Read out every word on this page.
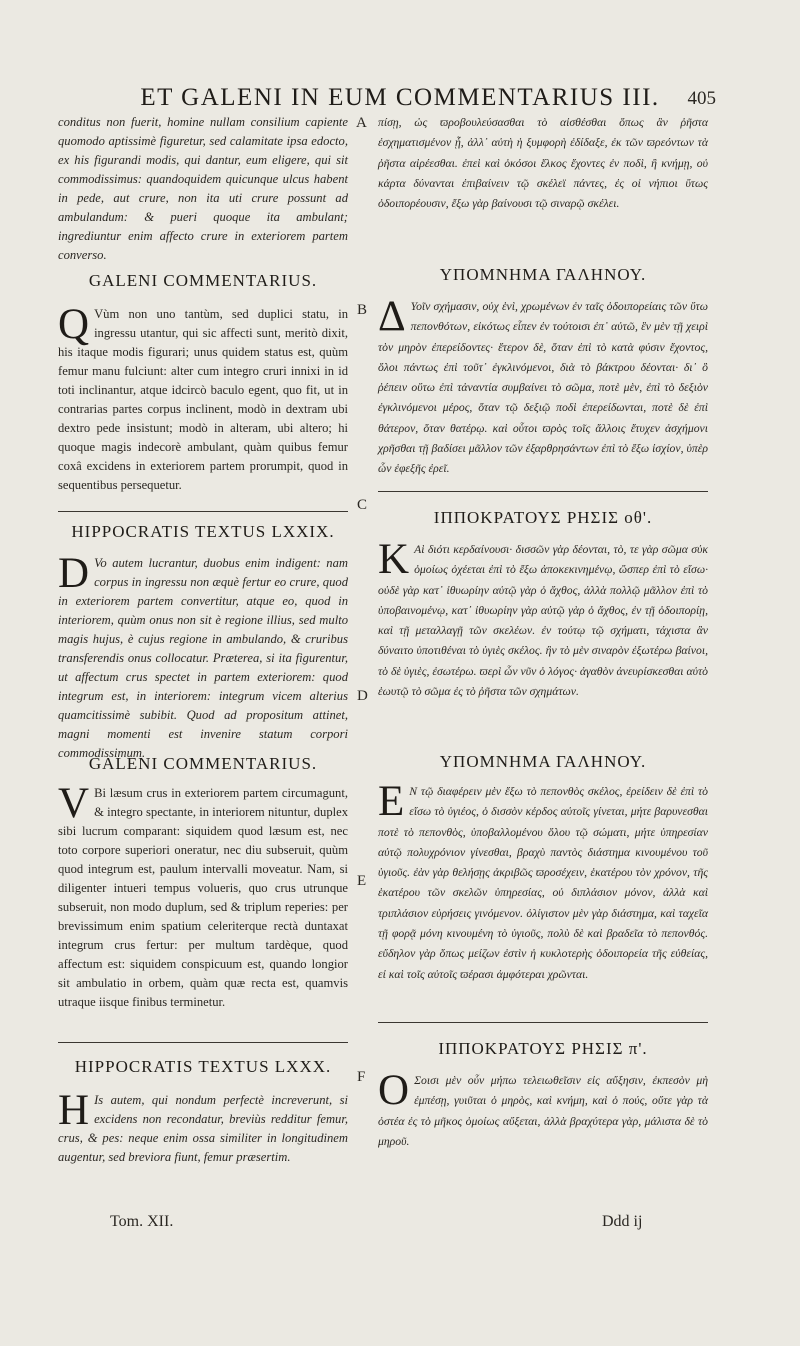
ET GALENI IN EUM COMMENTARIUS III.	405
A
B
C
D
E
F
conditus non fuerit, homine nullam consilium capiente quomodo aptissimè figuretur, sed calamitate ipsa edocto, ex his figurandi modis, qui dantur, eum eligere, qui sit commodissimus: quandoquidem quicunque ulcus habent in pede, aut crure, non ita uti crure possunt ad ambulandum: & pueri quoque ita ambulant; ingrediuntur enim affecto crure in exteriorem partem converso.
GALENI COMMENTARIUS.
Q Vùm non uno tantùm, sed duplici statu, in ingressu utantur, qui sic affecti sunt, meritò dixit, his itaque modis figurari; unus quidem status est, quùm femur manu fulciunt: alter cum integro cruri innixi in id toti inclinantur, atque idcircò baculo egent, quo fit, ut in contrarias partes corpus inclinent, modò in dextram ubi dextro pede insistunt; modò in alteram, ubi altero; hi quoque magis indecorè ambulant, quàm quibus femur coxâ excidens in exteriorem partem prorumpit, quod in sequentibus persequetur.
HIPPOCRATIS TEXTUS LXXIX.
D Vo autem lucrantur, duobus enim indigent: nam corpus in ingressu non æquè fertur eo crure, quod in exteriorem partem convertitur, atque eo, quod in interiorem, quùm onus non sit è regione illius, sed multo magis hujus, è cujus regione in ambulando, & cruribus transferendis onus collocatur. Præterea, si ita figurentur, ut affectum crus spectet in partem exteriorem: quod integrum est, in interiorem: integrum vicem alterius quamcitissimè subibit. Quod ad propositum attinet, magni momenti est invenire statum corpori commodissimum.
GALENI COMMENTARIUS.
V Bi læsum crus in exteriorem partem circumagunt, & integro spectante, in interiorem nituntur, duplex sibi lucrum comparant: siquidem quod læsum est, nec toto corpore superiori oneratur, nec diu subseruit, quùm quod integrum est, paulum intervalli moveatur. Nam, si diligenter intueri tempus volueris, quo crus utrunque subseruit, non modo duplum, sed & triplum reperies: per brevissimum enim spatium celeriterque rectà duntaxat integrum crus fertur: per multum tardèque, quod affectum est: siquidem conspicuum est, quando longior sit ambulatio in orbem, quàm quæ recta est, quamvis utraque iisque finibus terminetur.
HIPPOCRATIS TEXTUS LXXX.
H Is autem, qui nondum perfectè increverunt, si excidens non recondatur, breviùs redditur femur, crus, & pes: neque enim ossa similiter in longitudinem augentur, sed breviora fiunt, femur præsertim.
πίσῃ, ὡς ϖροβουλεύσασθαι τὸ αἰσθέσθαι ὅπως ἂν ῥῆστα ἐσχηματισμένον ᾖ, ἀλλ᾽ αὐτὴ ἡ ξυμφορὴ ἐδίδαξε, ἐκ τῶν ϖρεόντων τὰ ῥῆστα αἱρέεσθαι. ἐπεὶ καὶ ὁκόσοι ἕλκος ἔχοντες ἐν ποδὶ, ἢ κνήμῃ, οὐ κάρτα δύνανται ἐπιβαίνειν τῷ σκέλεϊ πάντες, ἐς οἱ νήπιοι ὕτως ὁδοιπορέουσιν, ἔξω γὰρ βαίνουσι τῷ σιναρῷ σκέλει.
ΥΠΟΜΝΗΜΑ ΓΑΛΗΝΟΥ.
Δ Υοῖν σχήμασιν, οὐχ ἑνὶ, χρωμένων ἐν ταῖς ὁδοιπορείαις τῶν ὕτω πεπονθότων, εἰκότως εἶπεν ἐν τούτοισι ἐπ᾽ αὐτῶ, ἓν μὲν τῇ χειρὶ τὸν μηρὸν ἐπερείδοντες· ἕτερον δὲ, ὅταν ἐπὶ τὸ κατὰ φύσιν ἔχοντος, ὅλοι πάντως ἐπὶ τοῦτ᾽ ἐγκλινόμενοι, διὰ τὸ βάκτρου δέονται· δι᾽ ὃ ῥέπειν οὕτω ἐπὶ τἀναντία συμβαίνει τὸ σῶμα, ποτὲ μὲν, ἐπὶ τὸ δεξιὸν ἐγκλινόμενοι μέρος, ὅταν τῷ δεξιῷ ποδὶ ἐπερείδωνται, ποτὲ δὲ ἐπὶ θάτερον, ὅταν θατέρῳ. καὶ οὗτοι ϖρὸς τοῖς ἄλλοις ἔτυχεν ἀσχήμονι χρῆσθαι τῇ βαδίσει μᾶλλον τῶν ἐξαρθρησάντων ἐπὶ τὸ ἔξω ἰσχίον, ὑπὲρ ὧν ἐφεξῆς ἐρεῖ.
ΙΠΠΟΚΡΑΤΟΥΣ ΡΗΣΙΣ οθ'.
Κ Αὶ διότι κερδαίνουσι· δισσῶν γὰρ δέονται, τὸ, τε γὰρ σῶμα σὐκ ὁμοίως ὀχέεται ἐπὶ τὸ ἔξω ἀποκεκινημένῳ, ὥσπερ ἐπὶ τὸ εἴσω· οὐδὲ γὰρ κατ᾽ ἰθυωρίην αὐτῷ γὰρ ὁ ἄχθος, ἀλλὰ πολλῷ μᾶλλον ἐπὶ τὸ ὑποβαινομένῳ, κατ᾽ ἰθυωρίην γὰρ αὐτῷ γὰρ ὁ ἄχθος, ἐν τῇ ὁδοιπορίῃ, καὶ τῇ μεταλλαγῇ τῶν σκελέων. ἐν τούτῳ τῷ σχήματι, τάχιστα ἂν δύναιτο ὑποτιθέναι τὸ ὑγιὲς σκέλος. ἢν τὸ μὲν σιναρὸν ἐξωτέρω βαίνοι, τὸ δὲ ὑγιὲς, ἐσωτέρω. ϖερὶ ὧν νῦν ὁ λόγος· ἀγαθὸν ἀνευρίσκεσθαι αὐτὸ ἑωυτῷ τὸ σῶμα ἐς τὸ ῥῆστα τῶν σχημάτων.
ΥΠΟΜΝΗΜΑ ΓΑΛΗΝΟΥ.
Ε Ν τῷ διαφέρειν μὲν ἔξω τὸ πεπονθὸς σκέλος, ἐρείδειν δὲ ἐπὶ τὸ εἴσω τὸ ὑγιέος, ὁ δισσὸν κέρδος αὐτοῖς γίνεται, μήτε βαρυνεσθαι ποτὲ τὸ πεπονθὸς, ὑποβαλλομένου ὅλου τῷ σώματι, μήτε ὑπηρεσίαν αὐτῷ πολυχρόνιον γίνεσθαι, βραχὺ παντὸς διάστημα κινουμένου τοῦ ὑγιοῦς. ἐὰν γὰρ θελήσῃς ἀκριβῶς ϖροσέχειν, ἑκατέρου τὸν χρόνον, τῆς ἑκατέρου τῶν σκελῶν ὑπηρεσίας, οὐ διπλάσιον μόνον, ἀλλὰ καὶ τριπλάσιον εὑρήσεις γινόμενον. ὀλίγιστον μὲν γὰρ διάστημα, καὶ ταχεῖα τῇ φορᾷ μόνη κινουμένη τὸ ὑγιοῦς, πολὺ δὲ καὶ βραδεῖα τὸ πεπονθός. εὔδηλον γὰρ ὅπως μείζων ἐστὶν ἡ κυκλοτερὴς ὁδοιπορεία τῆς εὐθείας, εἰ καὶ τοῖς αὐτοῖς ϖέρασι ἀμφότεραι χρῶνται.
ΙΠΠΟΚΡΑΤΟΥΣ ΡΗΣΙΣ π'.
Ο Σοισι μὲν οὖν μήπω τελειωθεῖσιν εἰς αὔξησιν, ἐκπεσὸν μὴ ἐμπέσῃ, γυιῦται ὁ μηρὸς, καὶ κνήμη, καὶ ὁ πούς, οὔτε γὰρ τὰ ὀστέα ἐς τὸ μῆκος ὁμοίως αὔξεται, ἀλλὰ βραχύτερα γὰρ, μάλιστα δὲ τὸ μηροῦ.
Tom. XII.	Ddd ij
